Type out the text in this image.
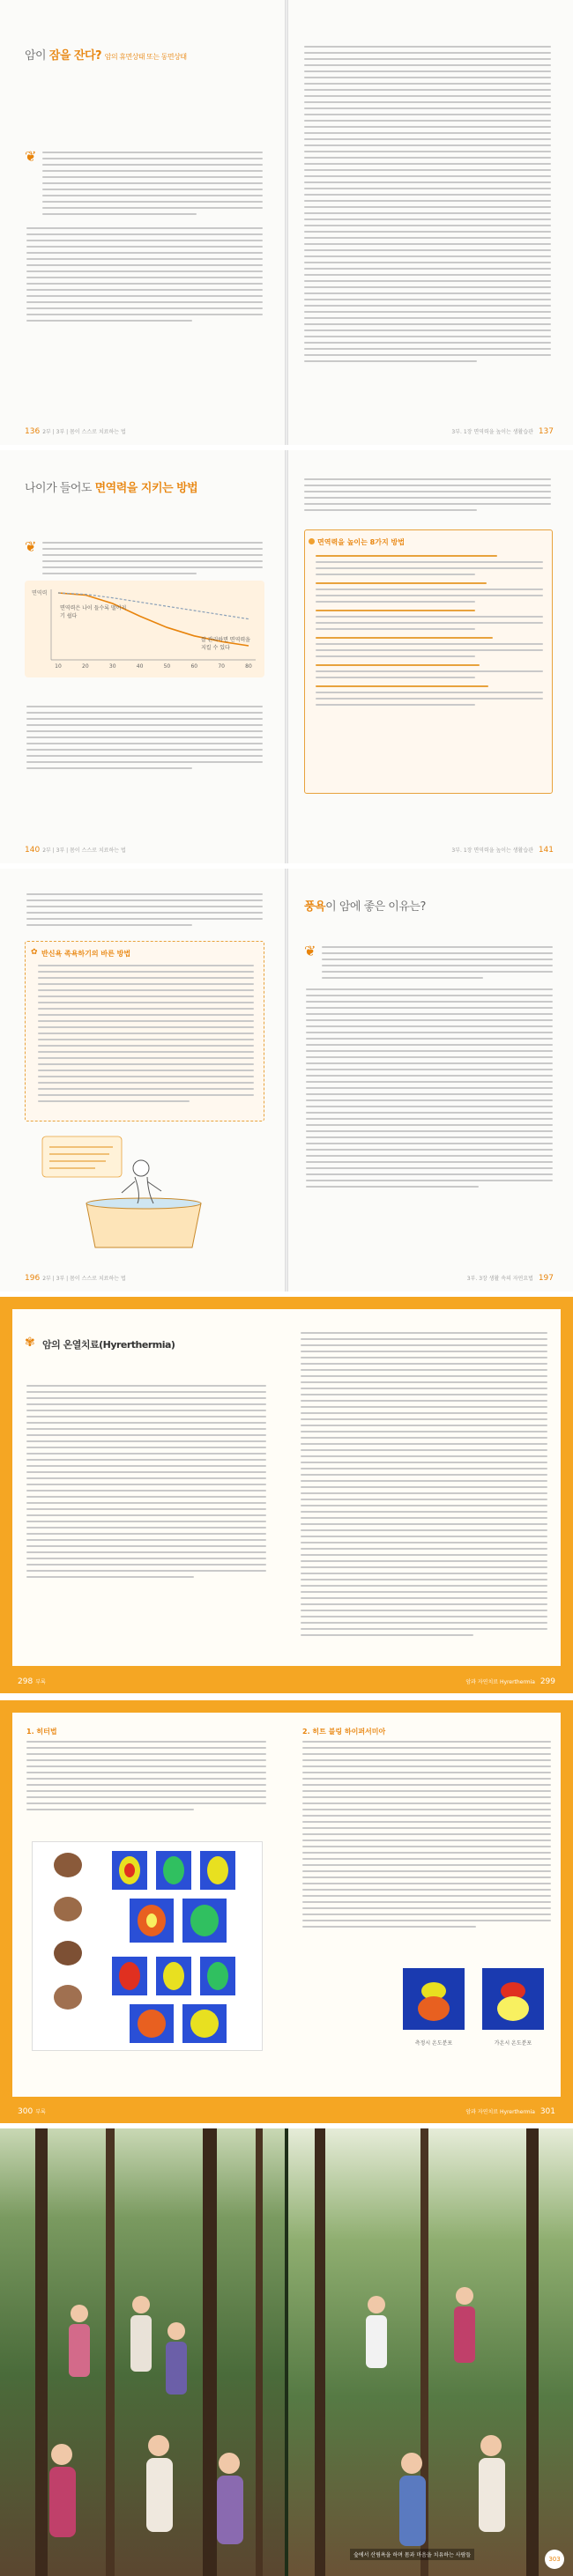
암이 잠을 잔다? 암의 휴면상태 또는 동면상태
❦
136 2부 | 3부 | 몸이 스스로 치료하는 법	3부. 1장 면역력을 높이는 생활습관 137
나이가 들어도 면역력을 지키는 방법
❦
면역력
10	20	30	40	50	60	70	80
면역력은 나이 들수록 떨어지기 쉽다
잘 관리하면 면역력을 지킬 수 있다
140 2부 | 3부 | 몸이 스스로 치료하는 법
면역력을 높이는 8가지 방법
3부. 1장 면역력을 높이는 생활습관 141
반신욕 족욕하기의 바른 방법
✿
196 2부 | 3부 | 몸이 스스로 치료하는 법
풍욕이 암에 좋은 이유는?
❦
3부. 3장 생활 속의 자연요법 197
✾ 암의 온열치료(Hyrerthermia)
298 부록	암과 자연치료 Hyrerthermia 299
1. 히터법
300 부록
2. 히트 블링 하이퍼서미아
측정시 온도분포	가온시 온도분포
암과 자연치료 Hyrerthermia 301
숲에서 산림욕을 하며 몸과 마음을 치유하는 사람들
303
